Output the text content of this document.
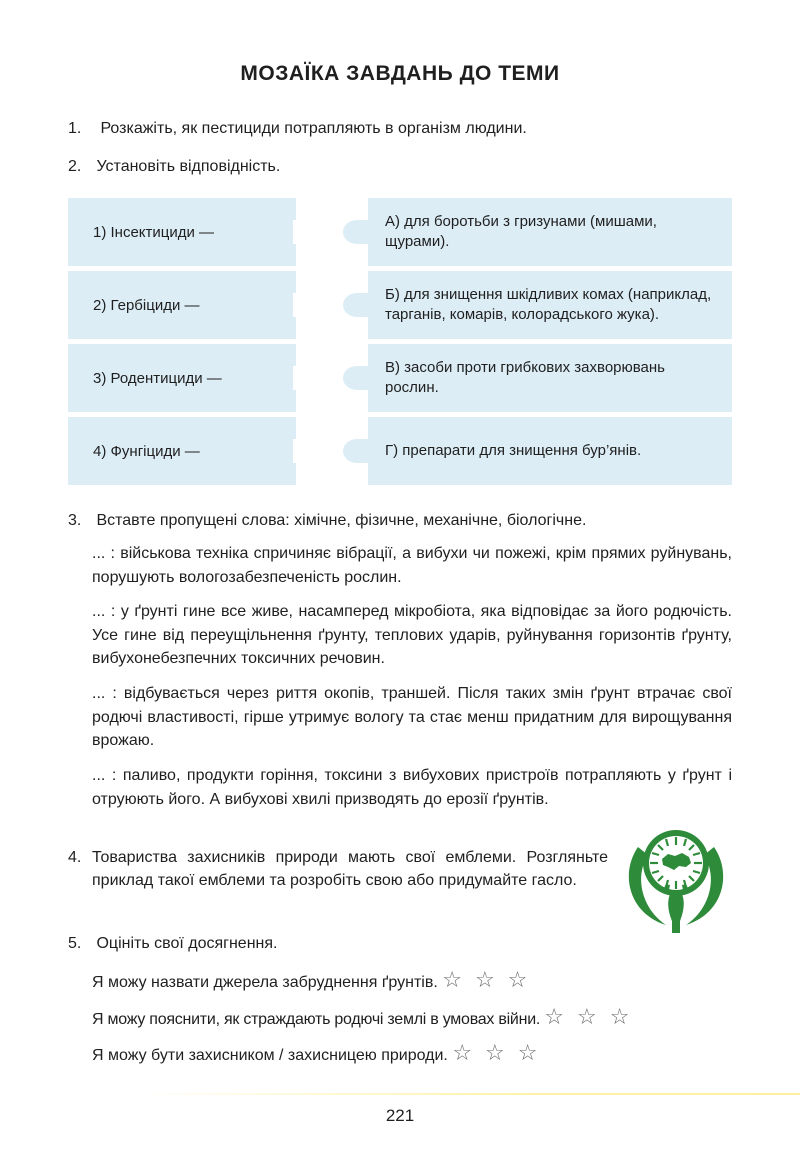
МОЗАЇКА ЗАВДАНЬ ДО ТЕМИ
1. Розкажіть, як пестициди потрапляють в організм людини.
2. Установіть відповідність.
1) Інсектициди —
2) Гербіциди —
3) Родентициди —
4) Фунгіциди —
А) для боротьби з гризунами (мишами, щурами).
Б) для знищення шкідливих комах (наприклад, тарганів, комарів, колорадського жука).
В) засоби проти грибкових захворювань рослин.
Г) препарати для знищення бур’янів.
3. Вставте пропущені слова: хімічне, фізичне, механічне, біологічне.
... : військова техніка спричиняє вібрації, а вибухи чи пожежі, крім прямих руйнувань, порушують вологозабезпеченість рослин.
... : у ґрунті гине все живе, насамперед мікробіота, яка відповідає за його родючість. Усе гине від переущільнення ґрунту, теплових ударів, руйнування горизонтів ґрунту, вибухонебезпечних токсичних речовин.
... : відбувається через риття окопів, траншей. Після таких змін ґрунт втрачає свої родючі властивості, гірше утримує вологу та стає менш придатним для вирощування врожаю.
... : паливо, продукти горіння, токсини з вибухових пристроїв потрапляють у ґрунт і отруюють його. А вибухові хвилі призводять до ерозії ґрунтів.
4. Товариства захисників природи мають свої емблеми. Розгляньте приклад такої емблеми та розробіть свою або придумайте гасло.
5. Оцініть свої досягнення.
Я можу назвати джерела забруднення ґрунтів. ☆ ☆ ☆
Я можу пояснити, як страждають родючі землі в умовах війни. ☆ ☆ ☆
Я можу бути захисником / захисницею природи. ☆ ☆ ☆
221
